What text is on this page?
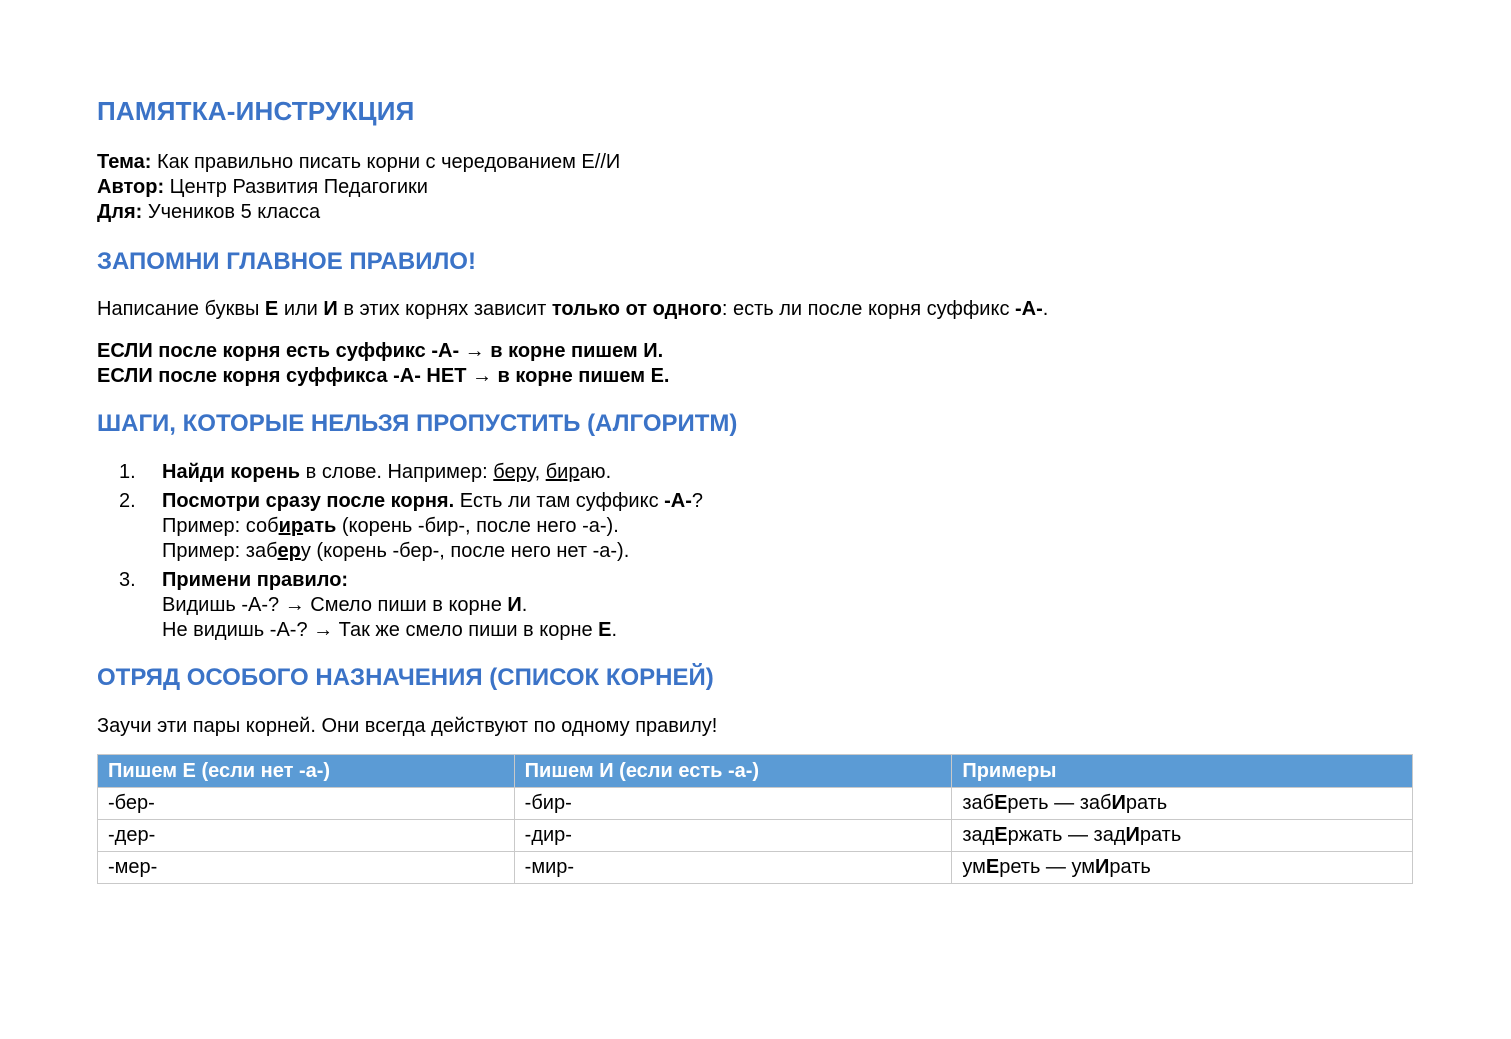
ПАМЯТКА-ИНСТРУКЦИЯ
Тема: Как правильно писать корни с чередованием Е//И
Автор: Центр Развития Педагогики
Для: Учеников 5 класса
ЗАПОМНИ ГЛАВНОЕ ПРАВИЛО!
Написание буквы Е или И в этих корнях зависит только от одного: есть ли после корня суффикс -А-.
ЕСЛИ после корня есть суффикс -А- → в корне пишем И.
ЕСЛИ после корня суффикса -А- НЕТ → в корне пишем Е.
ШАГИ, КОТОРЫЕ НЕЛЬЗЯ ПРОПУСТИТЬ (АЛГОРИТМ)
1. Найди корень в слове. Например: беру, бираю.
2. Посмотри сразу после корня. Есть ли там суффикс -А-?
Пример: собирать (корень -бир-, после него -а-).
Пример: заберу (корень -бер-, после него нет -а-).
3. Примени правило:
Видишь -А-? → Смело пиши в корне И.
Не видишь -А-? → Так же смело пиши в корне Е.
ОТРЯД ОСОБОГО НАЗНАЧЕНИЯ (СПИСОК КОРНЕЙ)
Заучи эти пары корней. Они всегда действуют по одному правилу!
Пишем Е (если нет -а-)	Пишем И (если есть -а-)	Примеры
-бер-	-бир-	забЕреть — забИрать
-дер-	-дир-	задЕржать — задИрать
-мер-	-мир-	умЕреть — умИрать
